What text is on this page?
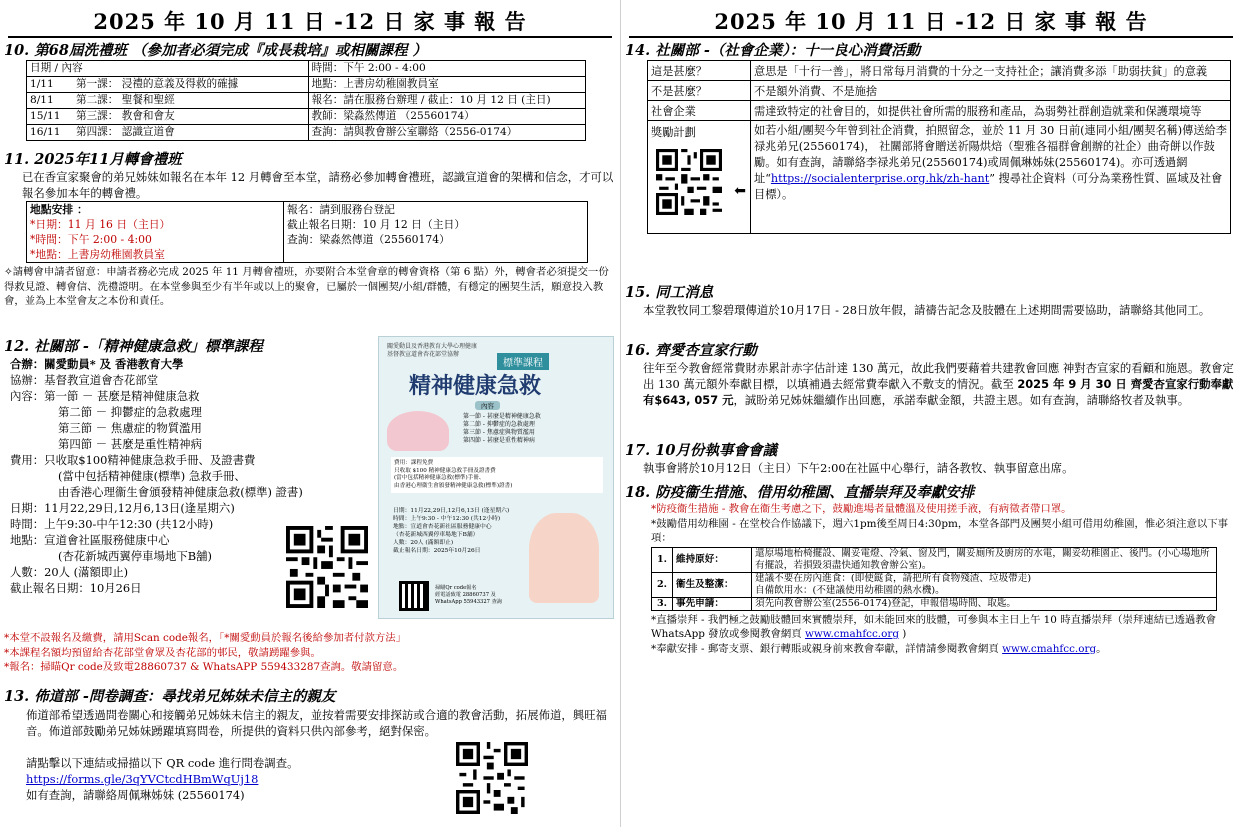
2025 年 10 月 11 日 -12 日 家 事 報 告

10. 第68屆洗禮班 （參加者必須完成『成長栽培』或相關課程 ）

日期 / 內容		時間：下午 2:00 - 4:00
1/11	第一課： 浸禮的意義及得救的確據	地點：上書房幼稚園教員室
8/11	第二課： 聖餐和聖經	報名：請在服務台辦理 / 截止：10 月 12 日 (主日)
15/11	第三課： 教會和會友	教師：梁淼然傳道 （25560174）
16/11	第四課： 認識宣道會	查詢：請與教會辦公室聯絡（2556-0174）

11. 2025年11月轉會禮班

已在香宣家聚會的弟兄姊妹如報名在本年 12 月轉會至本堂，請務必參加轉會禮班，認識宣道會的架構和信念，才可以報名參加本年的轉會禮。

地點安排 ：
*日期：11 月 16 日（主日）
*時間：下午 2:00 - 4:00
*地點：上書房幼稚園教員室

報名：請到服務台登記
截止報名日期：10 月 12 日（主日）
查詢：梁淼然傳道（25560174）

✧請轉會申請者留意：申請者務必完成 2025 年 11 月轉會禮班，亦要附合本堂會章的轉會資格（第 6 點）外，轉會者必須提交一份得救見證、轉會信、洗禮證明。在本堂參與至少有半年或以上的聚會，已屬於一個團契/小組/群體，有穩定的團契生活，願意投入教會，並為上本堂會友之本份和責任。

12. 社關部 -「精神健康急救」標準課程

合辦：關愛動員* 及 香港教育大學

協辦：基督教宣道會杏花部堂

內容：第一節 － 甚麼是精神健康急救

第二節 － 抑鬱症的急救處理

第三節 － 焦慮症的物質濫用

第四節 － 甚麼是重性精神病

費用：只收取$100精神健康急救手冊、及證書費

(當中包括精神健康(標準) 急救手冊、

由香港心理衞生會頒發精神健康急救(標準) 證書)

日期：11月22,29日,12月6,13日(逢星期六)

時間：上午9:30-中午12:30 (共12小時)

地點：宣道會社區服務健康中心

(杏花新城西翼停車場地下B舖)

人數：20人 (滿額即止)

截止報名日期：10月26日

*本堂不設報名及繳費，請用Scan code報名，「*關愛動員於報名後給參加者付款方法」

*本課程名額均預留給杏花部堂會眾及杏花部的邨民，敬請踴躍參與。

*報名：掃瞄Qr code及致電28860737 & WhatsAPP 559433287查詢。敬請留意。

關愛動員及香港教育大學心理健康
基督教宣道會杏花部堂協辦
標準課程
精神健康急救
內容
第一節 - 甚麼是精神健康急救
第二節 - 抑鬱症的急救處理
第三節 - 焦慮症與物質濫用
第四節 - 甚麼是重性精神病
費用：課程免費
只收取 $100 精神健康急救手冊及證書費
(當中包括精神健康急救(標準)手冊、
由香港心理衞生會頒發精神健康急救(標準)證書)
日期：11月22,29日,12月6,13日 (逢星期六)
時間：上午9:30 - 中午12:30 (共12小時)
地點：宣道會杏花新社區服務健康中心
（杏花新城西翼停車場地下B舖）
人數：20人 (滿額即止)
截止報名日期：2025年10月26日
掃瞄Qr code報名
經電話致電 28860737 及
WhatsApp 55943327 查詢

13. 佈道部 -問卷調查：尋找弟兄姊妹未信主的親友

佈道部希望透過問卷關心和接觸弟兄姊妹未信主的親友，並按着需要安排探訪或合適的教會活動，拓展佈道，興旺福音。佈道部鼓勵弟兄姊妹踴躍填寫問卷，所提供的資料只供內部參考，絕對保密。

請點擊以下連結或掃描以下 QR code 進行問卷調查。

https://forms.gle/3qYVCtcdHBmWqUj18

如有查詢，請聯絡周佩琳姊妹 (25560174)

2025 年 10 月 11 日 -12 日 家 事 報 告

14. 社關部 -（社會企業）：十一良心消費活動

這是甚麼？	意思是「十行一善」，將日常每月消費的十分之一支持社企；讓消費多添「助弱扶貧」的意義
不是甚麼？	不是額外消費、不是施捨
社會企業	需達致特定的社會目的，如提供社會所需的服務和產品，為弱勢社群創造就業和保護環境等

獎勵計劃
⬅	如若小組/團契今年曾到社企消費，拍照留念，並於 11 月 30 日前(連同小組/團契名稱)傳送給李禄兆弟兄(25560174)， 社關部將會贈送祈陽烘焙（聖雅各福群會創辦的社企）曲奇餅以作鼓勵。如有查詢，請聯絡李禄兆弟兄(25560174)或周佩琳姊妹(25560174)。亦可透過網址“https://socialenterprise.org.hk/zh-hant” 搜尋社企資料（可分為業務性質、區域及社會目標）。

15. 同工消息

本堂教牧同工黎碧環傳道於10月17日 - 28日放年假，請禱告記念及肢體在上述期間需要協助，請聯絡其他同工。

16. 齊愛杏宣家行動

往年至今教會經常費財赤累計赤字估計達 130 萬元，故此我們要藉着共建教會回應 神對杏宣家的看顧和施恩。教會定出 130 萬元額外奉獻目標，以填補過去經常費奉獻入不敷支的情況。截至 2025 年 9 月 30 日 齊愛杏宣家行動奉獻 有$643, 057 元，誠盼弟兄姊妹繼續作出回應，承諾奉獻金額，共證主恩。如有查詢，請聯絡牧者及執事。

17. 10月份執事會會議

執事會將於10月12日（主日）下午2:00在社區中心舉行，請各教牧、執事留意出席。

18. 防疫衞生措施、借用幼稚園、直播崇拜及奉獻安排

*防疫衞生措施 - 教會在衞生考慮之下，鼓勵進場者量體溫及使用搓手液，有病徵者帶口罩。

*鼓勵借用幼稚園 - 在堂校合作協議下，週六1pm後至周日4:30pm，本堂各部門及團契小組可借用幼稚園，惟必須注意以下事項：

1.	維持原好：	還原場地枱椅擺設、關妥電燈、冷氣、窗及門，關妥廁所及廚房的水電，關妥幼稚園正、後門。(小心場地所有擺設，若損毀須盡快通知教會辦公室)。
2.	衞生及整潔：	建議不要在房內進食：(即使餸食，請把所有食物殘渣、垃圾帶走)
自備飲用水：(不建議使用幼稚園的熱水機)。
3.	事先申請：	須先向教會辦公室(2556-0174)登記，申報借場時間、取匙。

*直播崇拜 - 我們極之鼓勵肢體回來實體崇拜，如未能回來的肢體，可參與本主日上午 10 時直播崇拜（崇拜連結已透過教會 WhatsApp 發放或參閱教會網頁 www.cmahfcc.org )

*奉獻安排 - 郵寄支票、銀行轉賬或親身前來教會奉獻，詳情請參閱教會網頁 www.cmahfcc.org。
